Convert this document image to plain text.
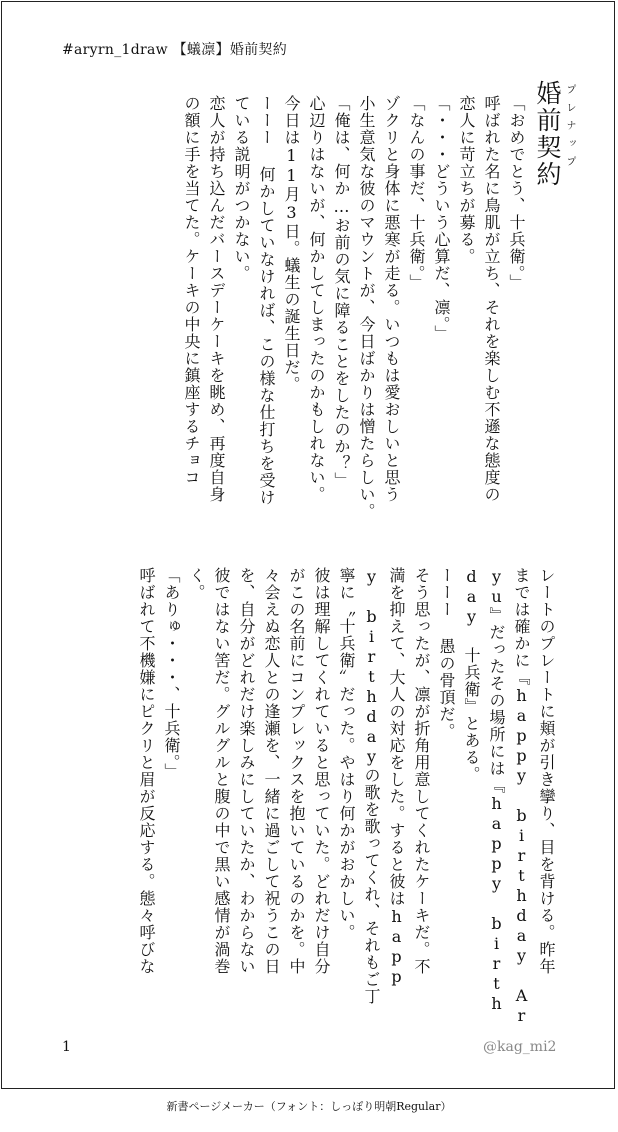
#aryrn_1draw 【蟻凛】婚前契約
婚前契約 プレナップ
「おめでとう、十兵衛。」
呼ばれた名に鳥肌が立ち、それを楽しむ不遜な態度の
恋人に苛立ちが募る。
「・・・どういう心算だ、凛。」
「なんの事だ、十兵衛。」
ゾクリと身体に悪寒が走る。いつもは愛おしいと思う
小生意気な彼のマウントが、今日ばかりは憎たらしい。
「俺は、何か…お前の気に障ることをしたのか？」
心辺りはないが、何かしてしまったのかもしれない。
今日は11月3日。蟻生の誕生日だ。
ーーー 何かしていなければ、この様な仕打ちを受け
ている説明がつかない。
恋人が持ち込んだバースデーケーキを眺め、再度自身
の額に手を当てた。ケーキの中央に鎮座するチョコ
レートのプレートに頬が引き攣り、目を背ける。昨年
までは確かに『happy birthday Ar
yu』だったその場所には『happy birth
day 十兵衛』とある。
ーーー 愚の骨頂だ。
そう思ったが、凛が折角用意してくれたケーキだ。不
満を抑えて、大人の対応をした。すると彼はhapp
y birthdayの歌を歌ってくれ、それもご丁
寧に〝十兵衛〟だった。やはり何かがおかしい。
彼は理解してくれていると思っていた。どれだけ自分
がこの名前にコンプレックスを抱いているのかを。中
々会えぬ恋人との逢瀬を、一緒に過ごして祝うこの日
を、自分がどれだけ楽しみにしていたか、わからない
彼ではない筈だ。グルグルと腹の中で黒い感情が渦巻
く。
「ありゅ・・・、十兵衛。」
呼ばれて不機嫌にピクリと眉が反応する。態々呼びな
1	@kag_mi2
新書ページメーカー（フォント：しっぽり明朝Regular）
